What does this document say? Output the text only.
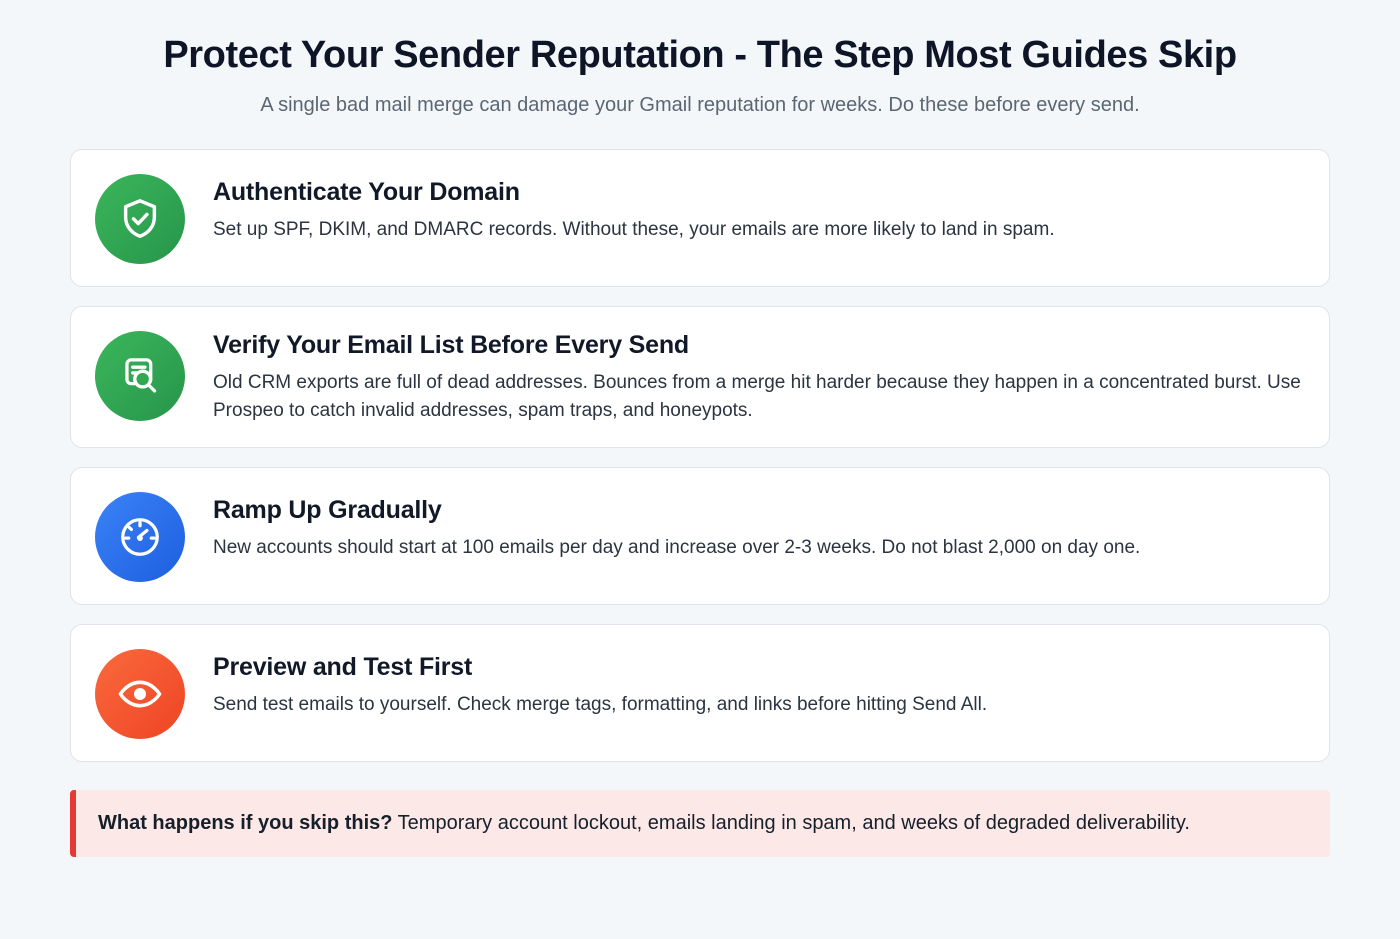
Protect Your Sender Reputation - The Step Most Guides Skip

A single bad mail merge can damage your Gmail reputation for weeks. Do these before every send.

Authenticate Your Domain

Set up SPF, DKIM, and DMARC records. Without these, your emails are more likely to land in spam.

Verify Your Email List Before Every Send

Old CRM exports are full of dead addresses. Bounces from a merge hit harder because they happen in a concentrated burst. Use Prospeo to catch invalid addresses, spam traps, and honeypots.

Ramp Up Gradually

New accounts should start at 100 emails per day and increase over 2-3 weeks. Do not blast 2,000 on day one.

Preview and Test First

Send test emails to yourself. Check merge tags, formatting, and links before hitting Send All.

What happens if you skip this? Temporary account lockout, emails landing in spam, and weeks of degraded deliverability.
